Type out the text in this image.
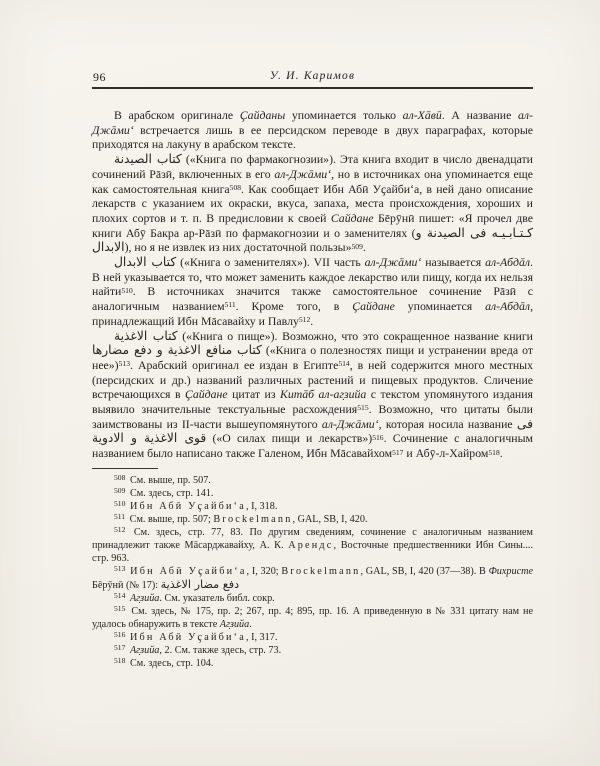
96	У. И. Каримов

В арабском оригинале Ҫайданы упоминается только ал-Хāвӣ. А название ал-Джāми‘ встречается лишь в ее персидском переводе в двух параграфах, которые приходятся на лакуну в арабском тексте.

كتاب الصيدنة («Книга по фармакогнозии»). Эта книга входит в число двенадцати сочинений Рāзӣ, включенных в его ал-Джāми‘, но в источниках она упоминается еще как самостоятельная книга$^{508}$. Как сообщает Ибн Абӣ Уҫайби‘а, в ней дано описание лекарств с указанием их окраски, вкуса, запаха, места происхождения, хороших и плохих сортов и т. п. В предисловии к своей Сайдане Бēрӯнӣ пишет: «Я прочел две книги Абӯ Бакра ар-Рāзӣ по фармакогнозии и о заменителях (كـتـابـيـه فى الصيدنة و الابدال), но я не извлек из них достаточной пользы»$^{509}$.

كتاب الابدال («Книга о заменителях»). VII часть ал-Джāми‘ называется ал-Абдāл. В ней указывается то, что может заменить каждое лекарство или пищу, когда их нельзя найти$^{510}$. В источниках значится также самостоятельное сочинение Рāзӣ с аналогичным названием$^{511}$. Кроме того, в Ҫайдане упоминается ал-Абдāл, принадлежащий Ибн Мāсавайху и Павлу$^{512}$.

كتاب الاغذية («Книга о пище»). Возможно, что это сокращенное название книги كتاب منافع الاغذية و دفع مضارها («Книга о полезностях пищи и устранении вреда от нее»)$^{513}$. Арабский оригинал ее издан в Египте$^{514}$, в ней содержится много местных (персидских и др.) названий различных растений и пищевых продуктов. Сличение встречающихся в Ҫайдане цитат из Китāб ал-аг̣зийа с текстом упомянутого издания выявило значительные текстуальные расхождения$^{515}$. Возможно, что цитаты были заимствованы из II-части вышеупомянутого ал-Джāми‘, которая носила название فى قوى الاغذية و الادوية («О силах пищи и лекарств»)$^{516}$. Сочинение с аналогичным названием было написано также Галеном, Ибн Мāсавайхом$^{517}$ и Абӯ-л-Хайром$^{518}$.

$^{508}$ См. выше, пр. 507.

$^{509}$ См. здесь, стр. 141.

$^{510}$ Ибн Абӣ Уҫайби‘а, I, 318.

$^{511}$ См. выше, пр. 507; Brockelmann, GAL, SB, I, 420.

$^{512}$ См. здесь, стр. 77, 83. По другим сведениям, сочинение с аналогичным названием принадлежит также Мāсарджавайху, А. К. Арендс, Восточные предшественники Ибн Сины.... стр. 963.

$^{513}$ Ибн Абӣ Уҫайби‘а, I, 320; Brockelmann, GAL, SB, I, 420 (37—38). В Фихристе Бēрӯнӣ (№ 17): دفع مضار الاغذية

$^{514}$ Аг̣зийа. См. указатель библ. сокр.

$^{515}$ См. здесь, № 175, пр. 2; 267, пр. 4; 895, пр. 16. А приведенную в № 331 цитату нам не удалось обнаружить в тексте Аг̣зийа.

$^{516}$ Ибн Абӣ Уҫайби‘а, I, 317.

$^{517}$ Аг̣зийа, 2. См. также здесь, стр. 73.

$^{518}$ См. здесь, стр. 104.
